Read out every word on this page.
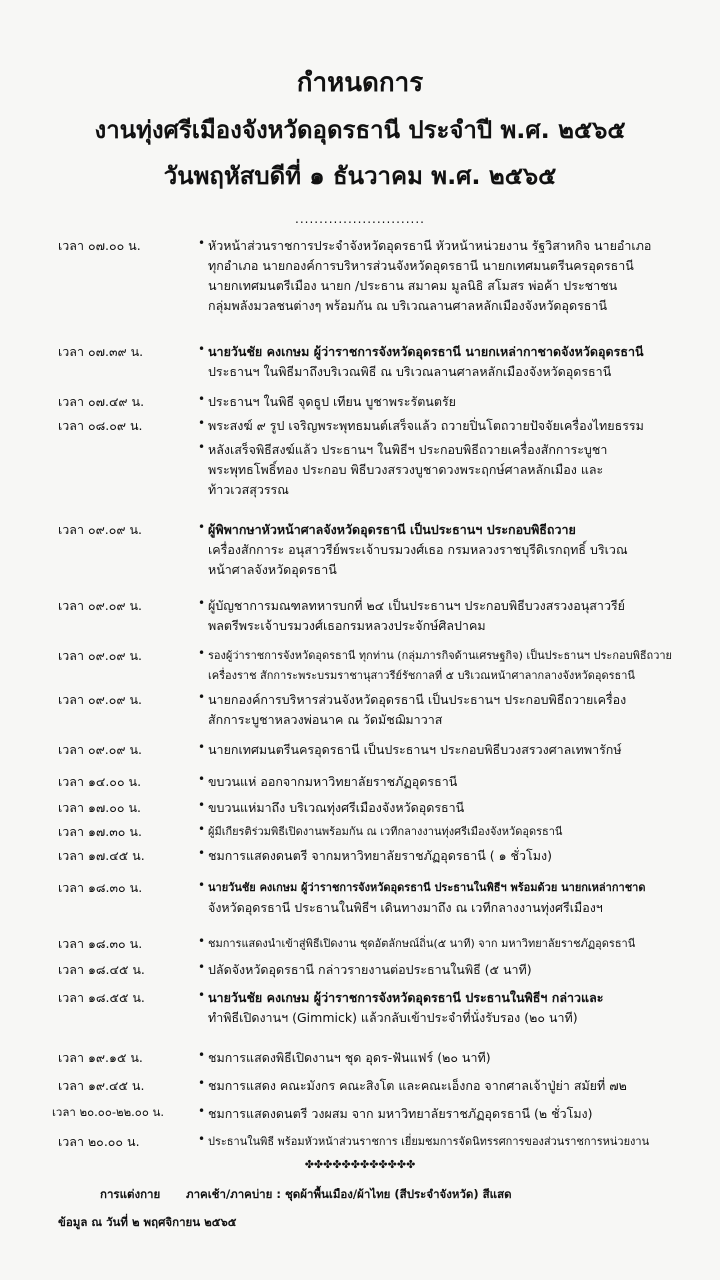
กำหนดการ
งานทุ่งศรีเมืองจังหวัดอุดรธานี ประจำปี พ.ศ. ๒๕๖๕
วันพฤหัสบดีที่ ๑ ธันวาคม พ.ศ. ๒๕๖๕
...........................
เวลา ๐๗.๐๐ น.	• หัวหน้าส่วนราชการประจำจังหวัดอุดรธานี หัวหน้าหน่วยงาน รัฐวิสาหกิจ นายอำเภอ
ทุกอำเภอ นายกองค์การบริหารส่วนจังหวัดอุดรธานี นายกเทศมนตรีนครอุดรธานี
นายกเทศมนตรีเมือง นายก /ประธาน สมาคม มูลนิธิ สโมสร พ่อค้า ประชาชน
กลุ่มพลังมวลชนต่างๆ พร้อมกัน ณ บริเวณลานศาลหลักเมืองจังหวัดอุดรธานี
เวลา ๐๗.๓๙ น.	• นายวันชัย คงเกษม ผู้ว่าราชการจังหวัดอุดรธานี นายกเหล่ากาชาดจังหวัดอุดรธานี
ประธานฯ ในพิธีมาถึงบริเวณพิธี ณ บริเวณลานศาลหลักเมืองจังหวัดอุดรธานี
เวลา ๐๗.๔๙ น.	• ประธานฯ ในพิธี จุดธูป เทียน บูชาพระรัตนตรัย
เวลา ๐๘.๐๙ น.	• พระสงฆ์ ๙ รูป เจริญพระพุทธมนต์เสร็จแล้ว ถวายปิ่นโตถวายปัจจัยเครื่องไทยธรรม
• หลังเสร็จพิธีสงฆ์แล้ว ประธานฯ ในพิธีฯ ประกอบพิธีถวายเครื่องสักการะบูชา
พระพุทธโพธิ์ทอง ประกอบ พิธีบวงสรวงบูชาดวงพระฤกษ์ศาลหลักเมือง และ
ท้าวเวสสุวรรณ
เวลา ๐๙.๐๙ น.	• ผู้พิพากษาหัวหน้าศาลจังหวัดอุดรธานี เป็นประธานฯ ประกอบพิธีถวาย
เครื่องสักการะ อนุสาวรีย์พระเจ้าบรมวงศ์เธอ กรมหลวงราชบุรีดิเรกฤทธิ์ บริเวณ
หน้าศาลจังหวัดอุดรธานี
เวลา ๐๙.๐๙ น.	• ผู้บัญชาการมณฑลทหารบกที่ ๒๔ เป็นประธานฯ ประกอบพิธีบวงสรวงอนุสาวรีย์
พลตรีพระเจ้าบรมวงศ์เธอกรมหลวงประจักษ์ศิลปาคม
เวลา ๐๙.๐๙ น.	• รองผู้ว่าราชการจังหวัดอุดรธานี ทุกท่าน (กลุ่มภารกิจด้านเศรษฐกิจ) เป็นประธานฯ ประกอบพิธีถวาย
เครื่องราช สักการะพระบรมราชานุสาวรีย์รัชกาลที่ ๕ บริเวณหน้าศาลากลางจังหวัดอุดรธานี
เวลา ๐๙.๐๙ น.	• นายกองค์การบริหารส่วนจังหวัดอุดรธานี เป็นประธานฯ ประกอบพิธีถวายเครื่อง
สักการะบูชาหลวงพ่อนาค ณ วัดมัชฌิมาวาส
เวลา ๐๙.๐๙ น.	• นายกเทศมนตรีนครอุดรธานี เป็นประธานฯ ประกอบพิธีบวงสรวงศาลเทพารักษ์
เวลา ๑๔.๐๐ น.	• ขบวนแห่ ออกจากมหาวิทยาลัยราชภัฏอุดรธานี
เวลา ๑๗.๐๐ น.	• ขบวนแห่มาถึง บริเวณทุ่งศรีเมืองจังหวัดอุดรธานี
เวลา ๑๗.๓๐ น.	• ผู้มีเกียรติร่วมพิธีเปิดงานพร้อมกัน ณ เวทีกลางงานทุ่งศรีเมืองจังหวัดอุดรธานี
เวลา ๑๗.๔๕ น.	• ชมการแสดงดนตรี จากมหาวิทยาลัยราชภัฏอุดรธานี ( ๑ ชั่วโมง)
เวลา ๑๘.๓๐ น.	• นายวันชัย คงเกษม ผู้ว่าราชการจังหวัดอุดรธานี ประธานในพิธีฯ พร้อมด้วย นายกเหล่ากาชาด
จังหวัดอุดรธานี ประธานในพิธีฯ เดินทางมาถึง ณ เวทีกลางงานทุ่งศรีเมืองฯ
เวลา ๑๘.๓๐ น.	• ชมการแสดงนำเข้าสู่พิธีเปิดงาน ชุดอัตลักษณ์ถิ่น(๕ นาที) จาก มหาวิทยาลัยราชภัฏอุดรธานี
เวลา ๑๘.๔๕ น.	• ปลัดจังหวัดอุดรธานี กล่าวรายงานต่อประธานในพิธี (๕ นาที)
เวลา ๑๘.๕๕ น.	• นายวันชัย คงเกษม ผู้ว่าราชการจังหวัดอุดรธานี ประธานในพิธีฯ กล่าวและ
ทำพิธีเปิดงานฯ (Gimmick) แล้วกลับเข้าประจำที่นั่งรับรอง (๒๐ นาที)
เวลา ๑๙.๑๕ น.	• ชมการแสดงพิธีเปิดงานฯ ชุด อุดร-ฟันแฟร์ (๒๐ นาที)
เวลา ๑๙.๔๕ น.	• ชมการแสดง คณะมังกร คณะสิงโต และคณะเอ็งกอ จากศาลเจ้าปู่ย่า สมัยที่ ๗๒
เวลา ๒๐.๐๐-๒๒.๐๐ น.	• ชมการแสดงดนตรี วงผสม จาก มหาวิทยาลัยราชภัฏอุดรธานี (๒ ชั่วโมง)
เวลา ๒๐.๐๐ น.	• ประธานในพิธี พร้อมหัวหน้าส่วนราชการ เยี่ยมชมการจัดนิทรรศการของส่วนราชการหน่วยงาน
✤✤✤✤✤✤✤✤✤✤✤✤
การแต่งกาย ภาคเช้า/ภาคบ่าย : ชุดผ้าพื้นเมือง/ผ้าไทย (สีประจำจังหวัด) สีแสด
ข้อมูล ณ วันที่ ๒ พฤศจิกายน ๒๕๖๕
